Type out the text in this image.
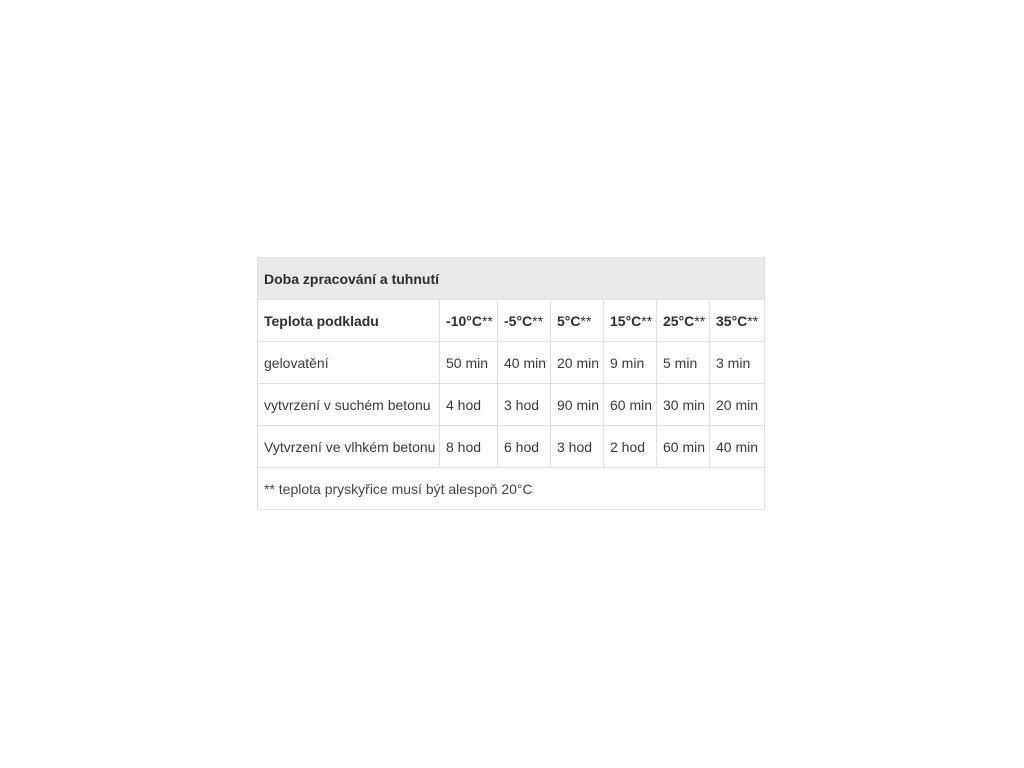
Doba zpracování a tuhnutí						
Teplota podkladu	-10°C**	-5°C**	5°C**	15°C**	25°C**	35°C**
gelovatění	50 min	40 min	20 min	9 min	5 min	3 min
vytvrzení v suchém betonu	4 hod	3 hod	90 min	60 min	30 min	20 min
Vytvrzení ve vlhkém betonu	8 hod	6 hod	3 hod	2 hod	60 min	40 min
** teplota pryskyřice musí být alespoň 20°C						
